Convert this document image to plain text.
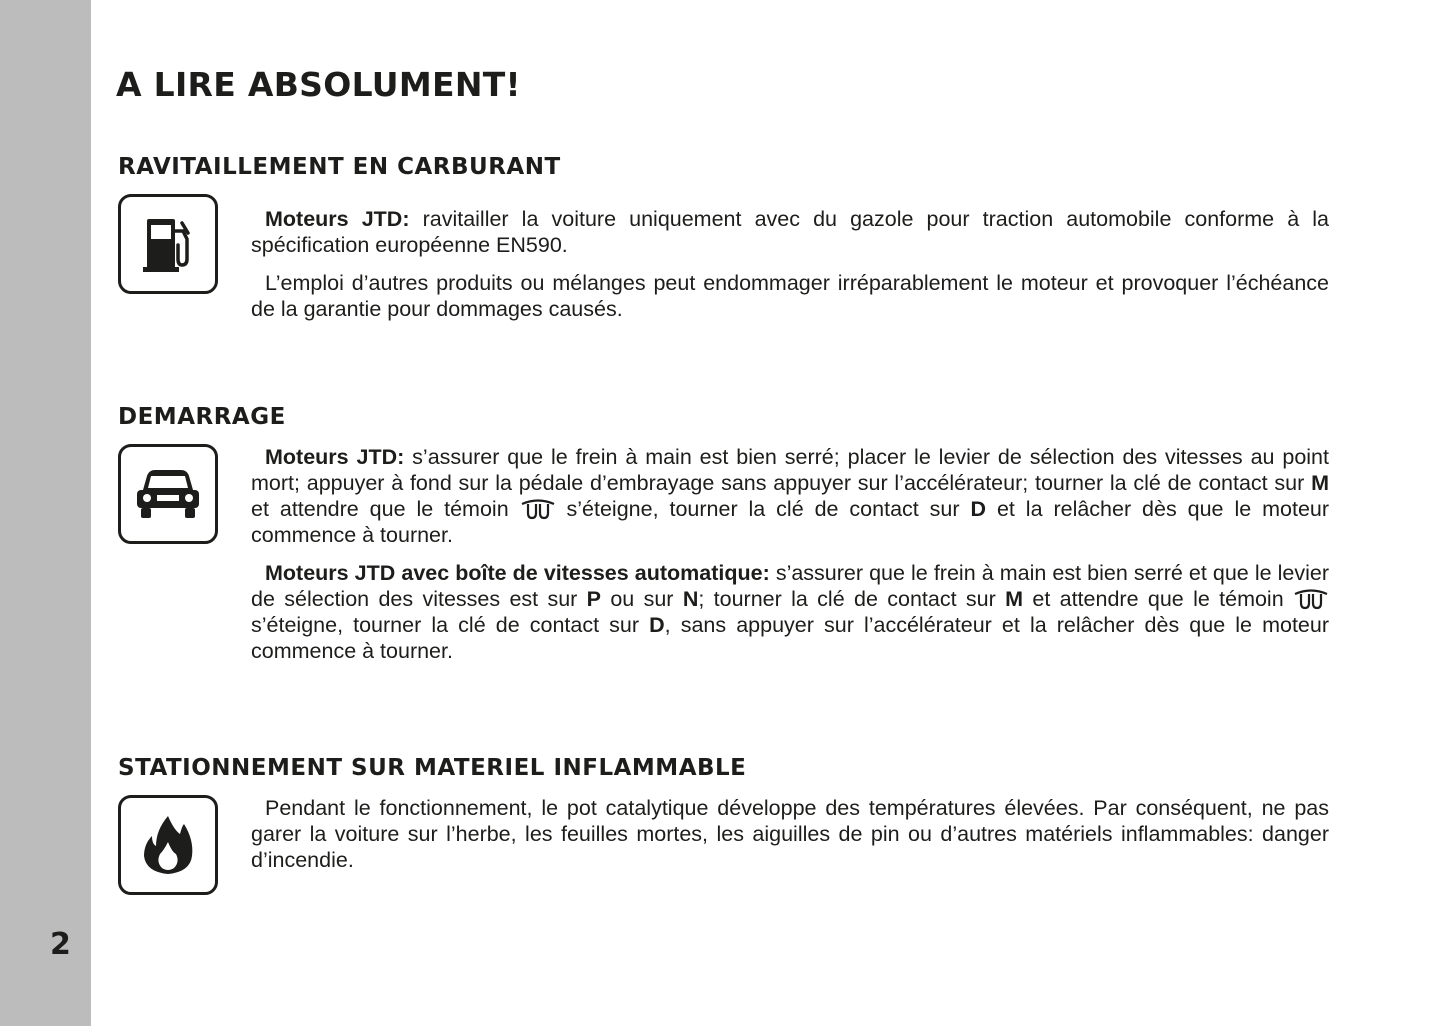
2
A LIRE ABSOLUMENT!
RAVITAILLEMENT EN CARBURANT

Moteurs JTD: ravitailler la voiture uniquement avec du gazole pour traction automobile conforme à la spécification européenne EN590.

L’emploi d’autres produits ou mélanges peut endommager irréparablement le moteur et provoquer l’échéance de la garantie pour dommages causés.

DEMARRAGE

Moteurs JTD: s’assurer que le frein à main est bien serré; placer le levier de sélection des vitesses au point mort; appuyer à fond sur la pédale d’embrayage sans appuyer sur l’accélérateur; tourner la clé de contact sur M et attendre que le témoin  s’éteigne, tourner la clé de contact sur D et la relâcher dès que le moteur commence à tourner.

Moteurs JTD avec boîte de vitesses automatique: s’assurer que le frein à main est bien serré et que le levier de sélection des vitesses est sur P ou sur N; tourner la clé de contact sur M et attendre que le témoin  s’éteigne, tourner la clé de contact sur D, sans appuyer sur l’accélérateur et la relâcher dès que le moteur commence à tourner.

STATIONNEMENT SUR MATERIEL INFLAMMABLE

Pendant le fonctionnement, le pot catalytique développe des températures élevées. Par conséquent, ne pas garer la voiture sur l’herbe, les feuilles mortes, les aiguilles de pin ou d’autres matériels inflammables: danger d’incendie.
